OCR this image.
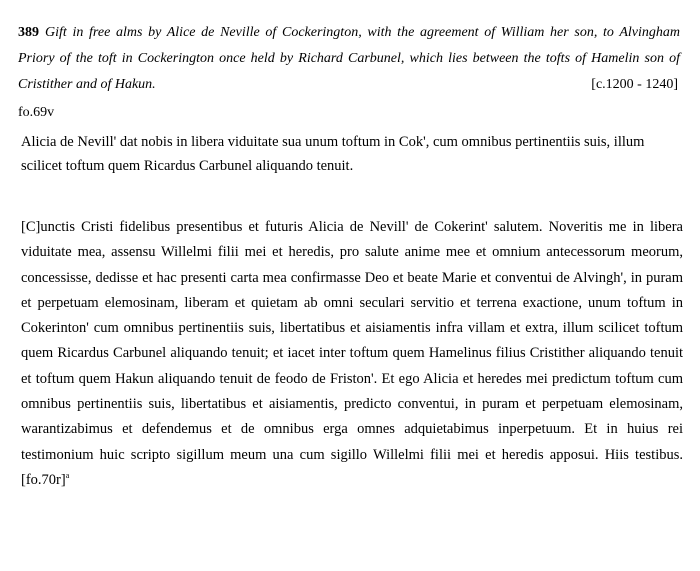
389 Gift in free alms by Alice de Neville of Cockerington, with the agreement of William her son, to Alvingham Priory of the toft in Cockerington once held by Richard Carbunel, which lies between the tofts of Hamelin son of Cristither and of Hakun.	[c.1200 - 1240]
fo.69v
Alicia de Nevill' dat nobis in libera viduitate sua unum toftum in Cok', cum omnibus pertinentiis suis, illum scilicet toftum quem Ricardus Carbunel aliquando tenuit.
[C]unctis Cristi fidelibus presentibus et futuris Alicia de Nevill' de Cokerint' salutem. Noveritis me in libera viduitate mea, assensu Willelmi filii mei et heredis, pro salute anime mee et omnium antecessorum meorum, concessisse, dedisse et hac presenti carta mea confirmasse Deo et beate Marie et conventui de Alvingh', in puram et perpetuam elemosinam, liberam et quietam ab omni seculari servitio et terrena exactione, unum toftum in Cokerinton' cum omnibus pertinentiis suis, libertatibus et aisiamentis infra villam et extra, illum scilicet toftum quem Ricardus Carbunel aliquando tenuit; et iacet inter toftum quem Hamelinus filius Cristither aliquando tenuit et toftum quem Hakun aliquando tenuit de feodo de Friston'. Et ego Alicia et heredes mei predictum toftum cum omnibus pertinentiis suis, libertatibus et aisiamentis, predicto conventui, in puram et perpetuam elemosinam, warantizabimus et defendemus et de omnibus erga omnes adquietabimus inperpetuum. Et in huius rei testimonium huic scripto sigillum meum una cum sigillo Willelmi filii mei et heredis apposui. Hiis testibus. $[fo.70r]^a$
